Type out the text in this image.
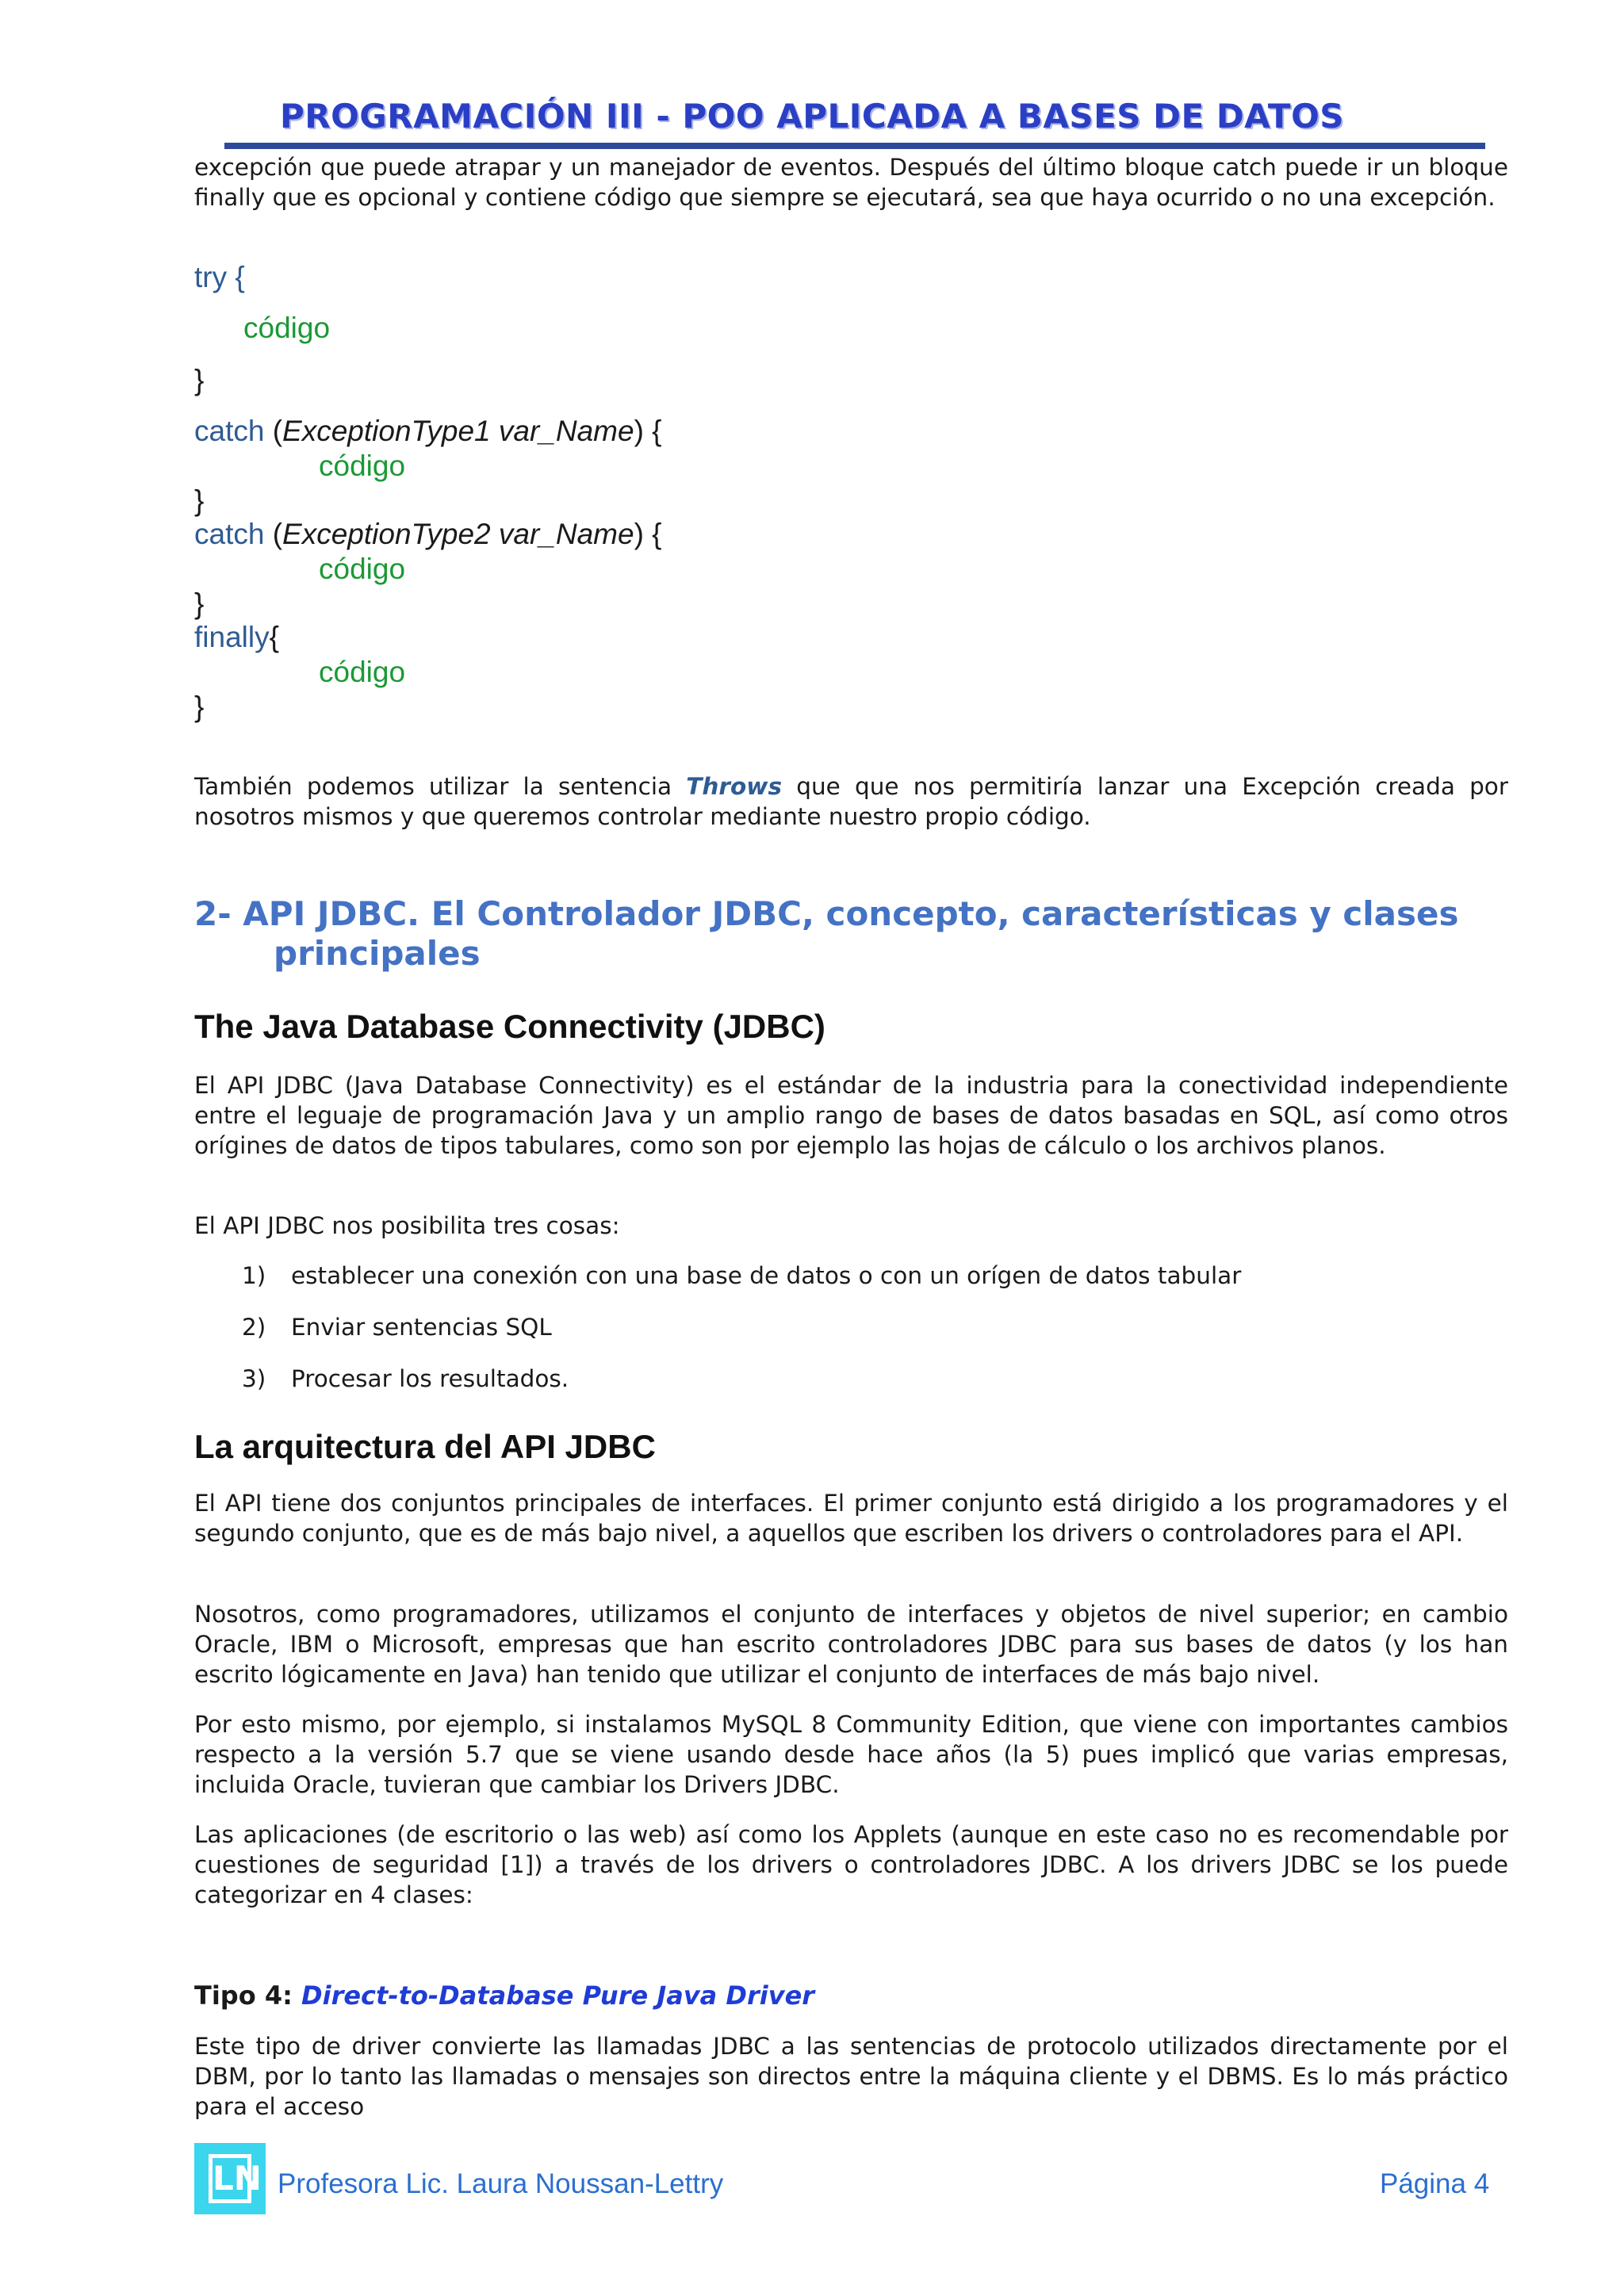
PROGRAMACIÓN III - POO APLICADA A BASES DE DATOS

excepción que puede atrapar y un manejador de eventos. Después del último bloque catch puede ir un bloque finally que es opcional y contiene código que siempre se ejecutará, sea que haya ocurrido o no una excepción.

try {
código
}
catch (ExceptionType1 var_Name) {
código
}
catch (ExceptionType2 var_Name) {
código
}
finally{
código
}

También podemos utilizar la sentencia Throws que que nos permitiría lanzar una Excepción creada por nosotros mismos y que queremos controlar mediante nuestro propio código.

2- API JDBC. El Controlador JDBC, concepto, características y clases

principales

The Java Database Connectivity (JDBC)

El API JDBC (Java Database Connectivity) es el estándar de la industria para la conectividad independiente entre el leguaje de programación Java y un amplio rango de bases de datos basadas en SQL, así como otros orígines de datos de tipos tabulares, como son por ejemplo las hojas de cálculo o los archivos planos.

El API JDBC nos posibilita tres cosas:

1) establecer una conexión con una base de datos o con un orígen de datos tabular
2) Enviar sentencias SQL
3) Procesar los resultados.

La arquitectura del API JDBC

El API tiene dos conjuntos principales de interfaces. El primer conjunto está dirigido a los programadores y el segundo conjunto, que es de más bajo nivel, a aquellos que escriben los drivers o controladores para el API.

Nosotros, como programadores, utilizamos el conjunto de interfaces y objetos de nivel superior; en cambio Oracle, IBM o Microsoft, empresas que han escrito controladores JDBC para sus bases de datos (y los han escrito lógicamente en Java) han tenido que utilizar el conjunto de interfaces de más bajo nivel.

Por esto mismo, por ejemplo, si instalamos MySQL 8 Community Edition, que viene con importantes cambios respecto a la versión 5.7 que se viene usando desde hace años (la 5) pues implicó que varias empresas, incluida Oracle, tuvieran que cambiar los Drivers JDBC.

Las aplicaciones (de escritorio o las web) así como los Applets (aunque en este caso no es recomendable por cuestiones de seguridad [1]) a través de los drivers o controladores JDBC. A los drivers JDBC se los puede categorizar en 4 clases:

Tipo 4: Direct-to-Database Pure Java Driver

Este tipo de driver convierte las llamadas JDBC a las sentencias de protocolo utilizados directamente por el DBM, por lo tanto las llamadas o mensajes son directos entre la máquina cliente y el DBMS. Es lo más práctico para el acceso

LN Profesora Lic. Laura Noussan-Lettry	Página 4
